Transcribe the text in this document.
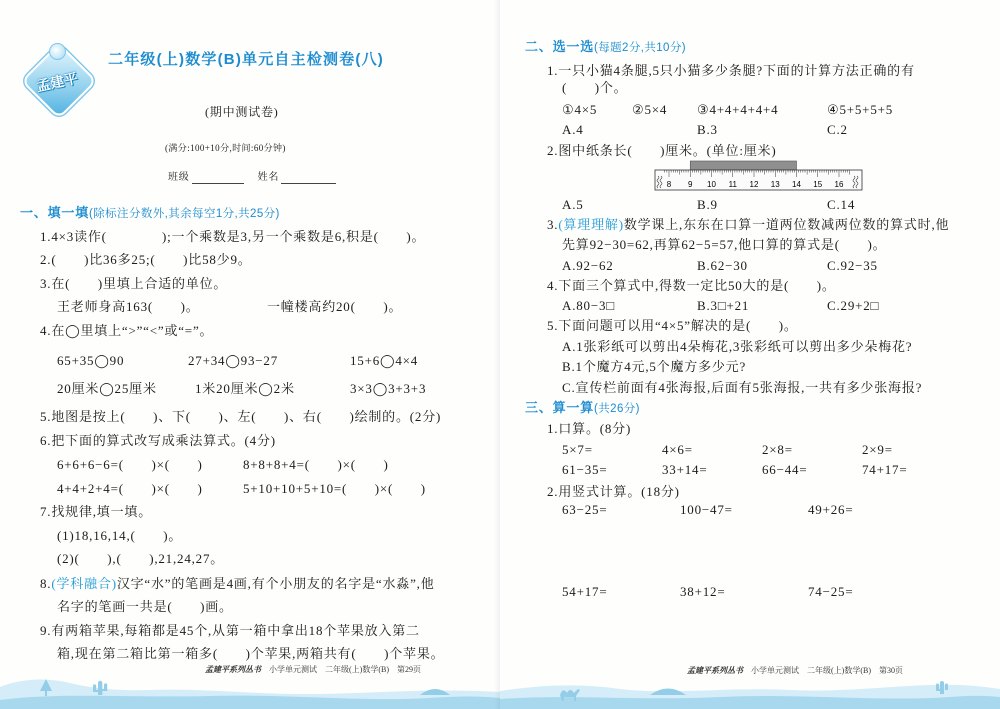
孟建平
二年级(上)数学(B)单元自主检测卷(八)
(期中测试卷)
(满分:100+10分,时间:60分钟)
班级	姓名
一、填一填(除标注分数外,其余每空1分,共25分)
1.4×3读作(　　　　);一个乘数是3,另一个乘数是6,积是(　　)。
2.(　　)比36多25;(　　)比58少9。
3.在(　　)里填上合适的单位。
王老师身高163(　　)。	一幢楼高约20(　　)。
4.在◯里填上“>”“<”或“=”。
65+35◯90	27+34◯93−27	15+6◯4×4
20厘米◯25厘米	1米20厘米◯2米	3×3◯3+3+3
5.地图是按上(　　)、下(　　)、左(　　)、右(　　)绘制的。(2分)
6.把下面的算式改写成乘法算式。(4分)
6+6+6−6=(　　)×(　　)	8+8+8+4=(　　)×(　　)
4+4+2+4=(　　)×(　　)	5+10+10+5+10=(　　)×(　　)
7.找规律,填一填。
(1)18,16,14,(　　)。
(2)(　　),(　　),21,24,27。
8.(学科融合)汉字“水”的笔画是4画,有个小朋友的名字是“水淼”,他
名字的笔画一共是(　　)画。
9.有两箱苹果,每箱都是45个,从第一箱中拿出18个苹果放入第二
箱,现在第二箱比第一箱多(　　)个苹果,两箱共有(　　)个苹果。
孟建平系列丛书 小学单元测试 二年级(上)数学(B) 第29页
二、选一选(每题2分,共10分)
1.一只小猫4条腿,5只小猫多少条腿?下面的计算方法正确的有
(　　)个。
①4×5	②5×4 ③4+4+4+4+4	④5+5+5+5
A.4	B.3	C.2
2.图中纸条长(　　)厘米。(单位:厘米)
8 9 10 11 12 13 14 15 16
A.5	B.9	C.14
3.(算理理解)数学课上,东东在口算一道两位数减两位数的算式时,他
先算92−30=62,再算62−5=57,他口算的算式是(　　)。
A.92−62	B.62−30	C.92−35
4.下面三个算式中,得数一定比50大的是(　　)。
A.80−3□	B.3□+21	C.29+2□
5.下面问题可以用“4×5”解决的是(　　)。
A.1张彩纸可以剪出4朵梅花,3张彩纸可以剪出多少朵梅花?
B.1个魔方4元,5个魔方多少元?
C.宣传栏前面有4张海报,后面有5张海报,一共有多少张海报?
三、算一算(共26分)
1.口算。(8分)
5×7=	4×6=	2×8=	2×9=
61−35=	33+14=	66−44=	74+17=
2.用竖式计算。(18分)
63−25=	100−47=	49+26=
54+17=	38+12=	74−25=
孟建平系列丛书 小学单元测试 二年级(上)数学(B) 第30页
